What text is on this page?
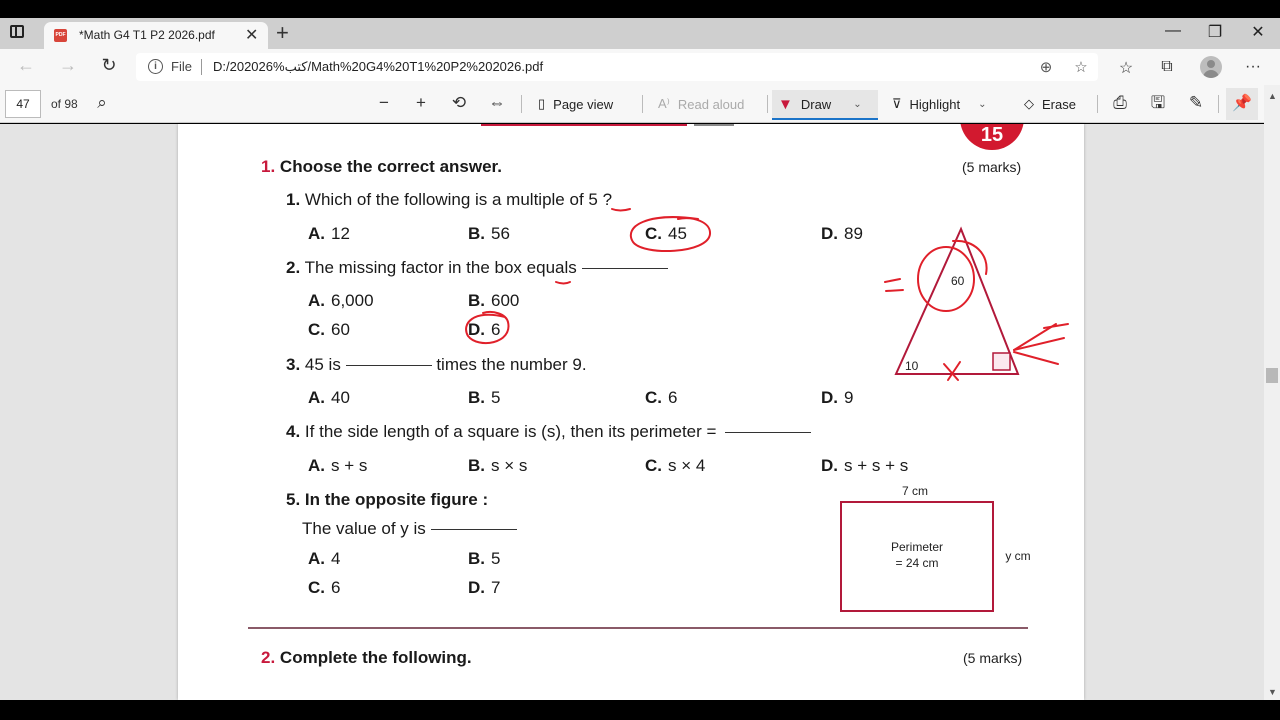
PDF *Math G4 T1 P2 2026.pdf ✕ +	—	❐	✕
← → ↻	i	File D:/202026%كتب/Math%20G4%20T1%20P2%202026.pdf	⊕	☆	☆	⧉	···
47	of 98	⌕	−	+	⟲ ⇔	▯ Page view	A⁾ Read aloud ▼ Draw ⌄ ⊽ Highlight ⌄	◇ Erase	⎙	🖫 ✎	📌
15
1. Choose the correct answer.	(5 marks)
1. Which of the following is a multiple of 5 ?
A. 12	B. 56	C. 45	D. 89
2. The missing factor in the box equals
A. 6,000	B. 600
C. 60	D. 6
3. 45 is	times the number 9.
A. 40	B. 5	C. 6	D. 9
4. If the side length of a square is (s), then its perimeter =
A. s + s	B. s × s	C. s × 4	D. s + s + s
5. In the opposite figure :
The value of y is
A. 4	B. 5
C. 6	D. 7
7 cm
Perimeter
= 24 cm	y cm
60
10
2. Complete the following.	(5 marks)
▲
▼
